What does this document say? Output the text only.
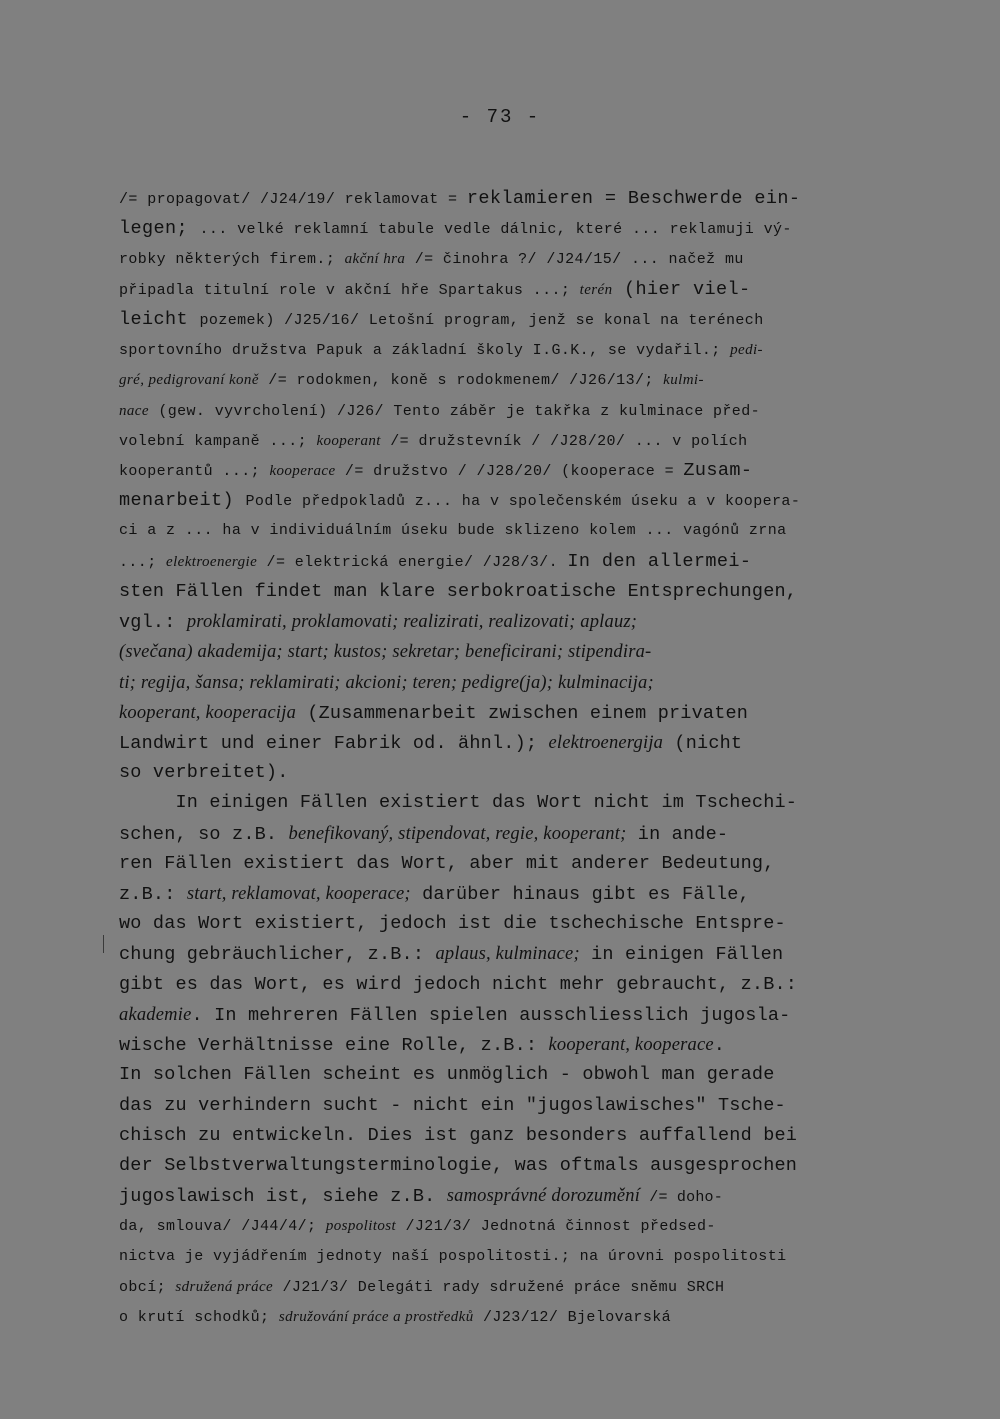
- 73 -
/= propagovat/ /J24/19/ reklamovat = reklamieren = Beschwerde ein-
legen; ... velké reklamní tabule vedle dálnic, které ... reklamuji vý-
robky některých firem.; akční hra /= činohra ?/ /J24/15/ ... načež mu
připadla titulní role v akční hře Spartakus ...; terén (hier viel-
leicht pozemek) /J25/16/ Letošní program, jenž se konal na terénech
sportovního družstva Papuk a základní školy I.G.K., se vydařil.; pedi-
gré, pedigrovaní koně /= rodokmen, koně s rodokmenem/ /J26/13/; kulmi-
nace (gew. vyvrcholení) /J26/ Tento záběr je takřka z kulminace před-
volební kampaně ...; kooperant /= družstevník / /J28/20/ ... v polích
kooperantů ...; kooperace /= družstvo / /J28/20/ (kooperace = Zusam-
menarbeit) Podle předpokladů z... ha v společenském úseku a v koopera-
ci a z ... ha v individuálním úseku bude sklizeno kolem ... vagónů zrna
...; elektroenergie /= elektrická energie/ /J28/3/. In den allermei-
sten Fällen findet man klare serbokroatische Entsprechungen,
vgl.: proklamirati, proklamovati; realizirati, realizovati; aplauz;
(svečana) akademija; start; kustos; sekretar; beneficirani; stipendira-
ti; regija, šansa; reklamirati; akcioni; teren; pedigre(ja); kulminacija;
kooperant, kooperacija (Zusammenarbeit zwischen einem privaten
Landwirt und einer Fabrik od. ähnl.); elektroenergija (nicht
so verbreitet).
In einigen Fällen existiert das Wort nicht im Tschechi-
schen, so z.B. benefikovaný, stipendovat, regie, kooperant; in ande-
ren Fällen existiert das Wort, aber mit anderer Bedeutung,
z.B.: start, reklamovat, kooperace; darüber hinaus gibt es Fälle,
wo das Wort existiert, jedoch ist die tschechische Entspre-
chung gebräuchlicher, z.B.: aplaus, kulminace; in einigen Fällen
gibt es das Wort, es wird jedoch nicht mehr gebraucht, z.B.:
akademie. In mehreren Fällen spielen ausschliesslich jugosla-
wische Verhältnisse eine Rolle, z.B.: kooperant, kooperace.
In solchen Fällen scheint es unmöglich - obwohl man gerade
das zu verhindern sucht - nicht ein "jugoslawisches" Tsche-
chisch zu entwickeln. Dies ist ganz besonders auffallend bei
der Selbstverwaltungsterminologie, was oftmals ausgesprochen
jugoslawisch ist, siehe z.B. samosprávné dorozumění /= doho-
da, smlouva/ /J44/4/; pospolitost /J21/3/ Jednotná činnost předsed-
nictva je vyjádřením jednoty naší pospolitosti.; na úrovni pospolitosti
obcí; sdružená práce /J21/3/ Delegáti rady sdružené práce sněmu SRCH
o krutí schodků; sdružování práce a prostředků /J23/12/ Bjelovarská
